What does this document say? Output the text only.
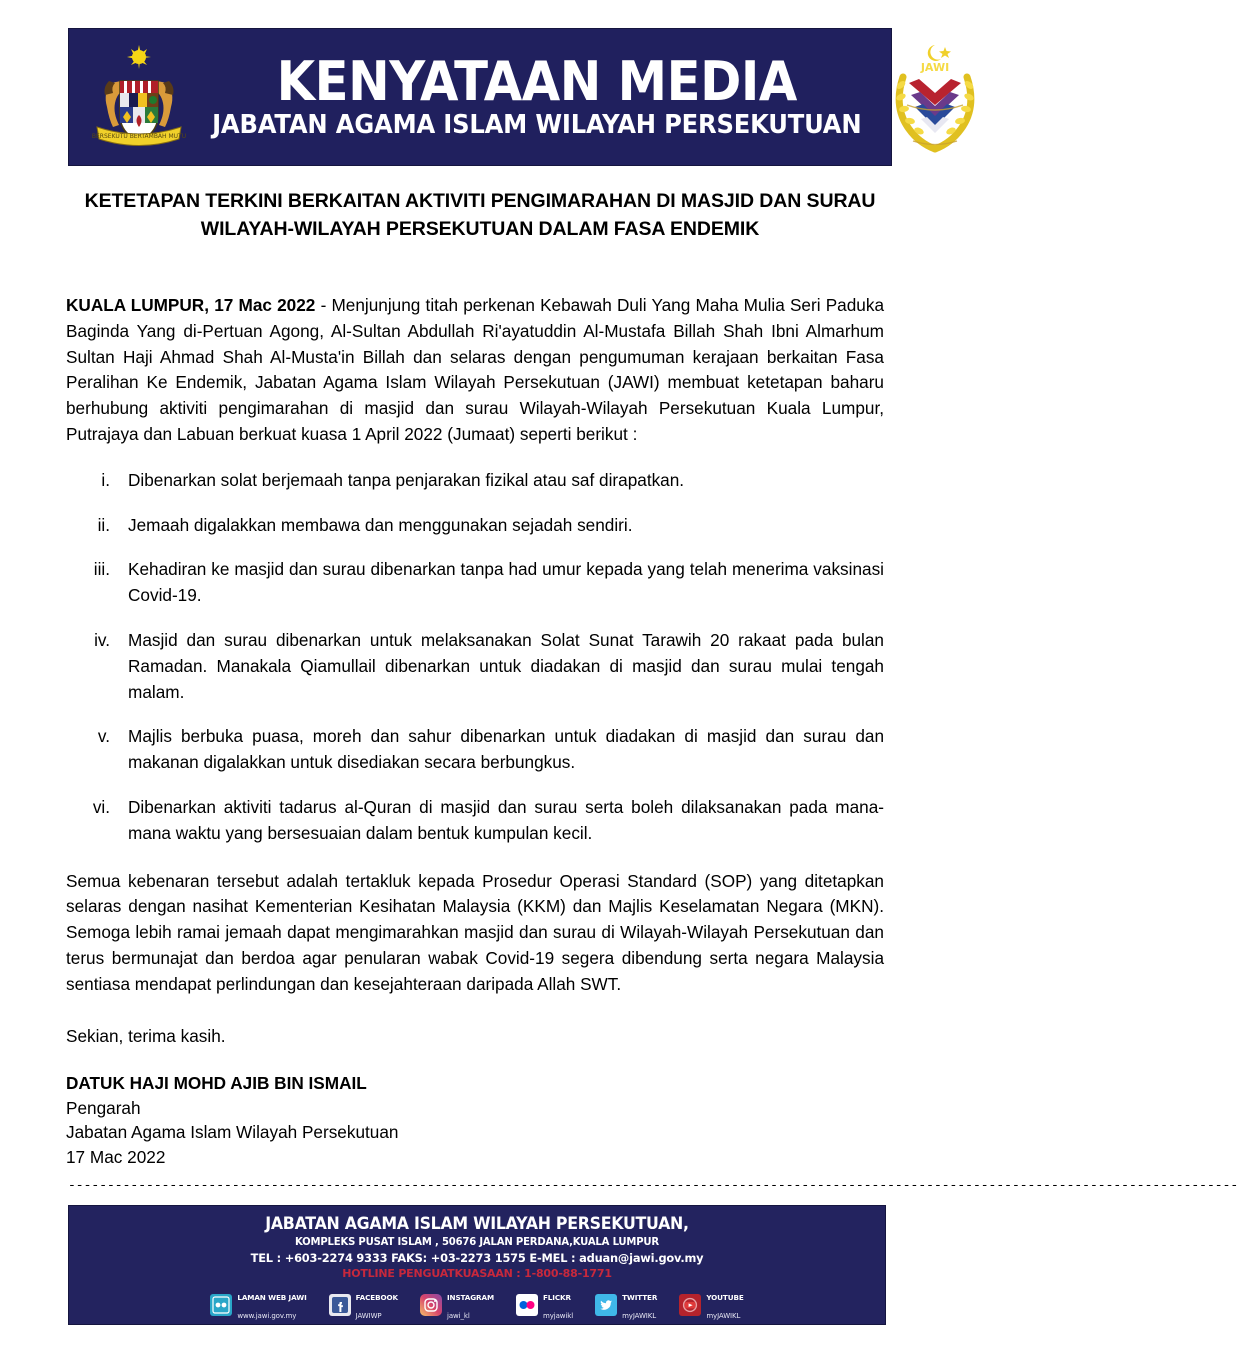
BERSEKUTU BERTAMBAH MUTU
KENYATAAN MEDIA
JABATAN AGAMA ISLAM WILAYAH PERSEKUTUAN
JAWI
KETETAPAN TERKINI BERKAITAN AKTIVITI PENGIMARAHAN DI MASJID DAN SURAU WILAYAH-WILAYAH PERSEKUTUAN DALAM FASA ENDEMIK

KUALA LUMPUR, 17 Mac 2022 - Menjunjung titah perkenan Kebawah Duli Yang Maha Mulia Seri Paduka Baginda Yang di-Pertuan Agong, Al-Sultan Abdullah Ri'ayatuddin Al-Mustafa Billah Shah Ibni Almarhum Sultan Haji Ahmad Shah Al-Musta'in Billah dan selaras dengan pengumuman kerajaan berkaitan Fasa Peralihan Ke Endemik, Jabatan Agama Islam Wilayah Persekutuan (JAWI) membuat ketetapan baharu berhubung aktiviti pengimarahan di masjid dan surau Wilayah-Wilayah Persekutuan Kuala Lumpur, Putrajaya dan Labuan berkuat kuasa 1 April 2022 (Jumaat) seperti berikut :

i. Dibenarkan solat berjemaah tanpa penjarakan fizikal atau saf dirapatkan.
ii. Jemaah digalakkan membawa dan menggunakan sejadah sendiri.
iii. Kehadiran ke masjid dan surau dibenarkan tanpa had umur kepada yang telah menerima vaksinasi Covid-19.
iv. Masjid dan surau dibenarkan untuk melaksanakan Solat Sunat Tarawih 20 rakaat pada bulan Ramadan. Manakala Qiamullail dibenarkan untuk diadakan di masjid dan surau mulai tengah malam.
v. Majlis berbuka puasa, moreh dan sahur dibenarkan untuk diadakan di masjid dan surau dan makanan digalakkan untuk disediakan secara berbungkus.
vi. Dibenarkan aktiviti tadarus al-Quran di masjid dan surau serta boleh dilaksanakan pada mana-mana waktu yang bersesuaian dalam bentuk kumpulan kecil.

Semua kebenaran tersebut adalah tertakluk kepada Prosedur Operasi Standard (SOP) yang ditetapkan selaras dengan nasihat Kementerian Kesihatan Malaysia (KKM) dan Majlis Keselamatan Negara (MKN). Semoga lebih ramai jemaah dapat mengimarahkan masjid dan surau di Wilayah-Wilayah Persekutuan dan terus bermunajat dan berdoa agar penularan wabak Covid-19 segera dibendung serta negara Malaysia sentiasa mendapat perlindungan dan kesejahteraan daripada Allah SWT.

Sekian, terima kasih.

DATUK HAJI MOHD AJIB BIN ISMAIL
Pengarah
Jabatan Agama Islam Wilayah Persekutuan
17 Mac 2022
------------------------------------------------------------------------------------------------------------------------------------------------------
JABATAN AGAMA ISLAM WILAYAH PERSEKUTUAN,
KOMPLEKS PUSAT ISLAM , 50676 JALAN PERDANA,KUALA LUMPUR
TEL : +603-2274 9333 FAKS: +03-2273 1575 E-MEL : aduan@jawi.gov.my
HOTLINE PENGUATKUASAAN : 1-800-88-1771
LAMAN WEB JAWI
www.jawi.gov.my
FACEBOOK
JAWIWP
INSTAGRAM
jawi_kl
FLICKR
myjawikl
TWITTER
myJAWIKL
YOUTUBE
myJAWIKL
